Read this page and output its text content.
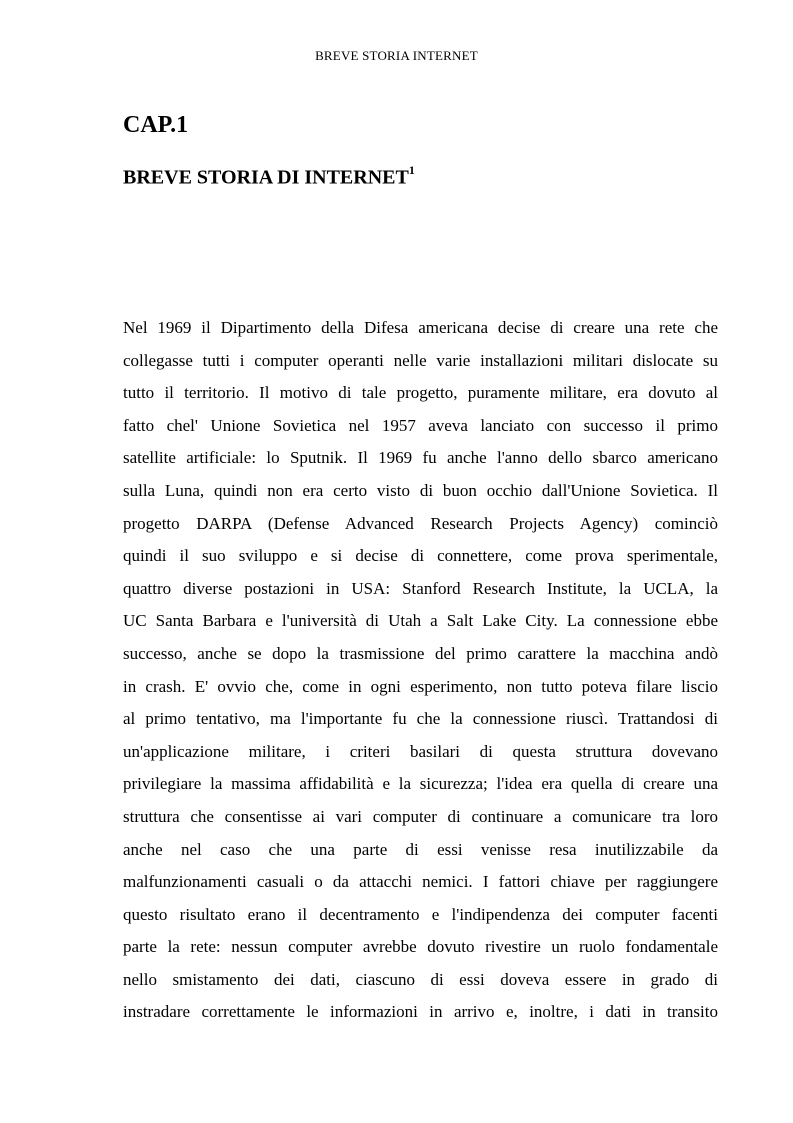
BREVE STORIA INTERNET
CAP.1
BREVE STORIA DI INTERNET$^1$

Nel 1969 il Dipartimento della Difesa americana decise di creare una rete che
collegasse tutti i computer operanti nelle varie installazioni militari dislocate su
tutto il territorio. Il motivo di tale progetto, puramente militare, era dovuto al
fatto chel' Unione Sovietica nel 1957 aveva lanciato con successo il primo
satellite artificiale: lo Sputnik. Il 1969 fu anche l'anno dello sbarco americano
sulla Luna, quindi non era certo visto di buon occhio dall'Unione Sovietica. Il
progetto DARPA (Defense Advanced Research Projects Agency) cominciò
quindi il suo sviluppo e si decise di connettere, come prova sperimentale,
quattro diverse postazioni in USA: Stanford Research Institute, la UCLA, la
UC Santa Barbara e l'università di Utah a Salt Lake City. La connessione ebbe
successo, anche se dopo la trasmissione del primo carattere la macchina andò
in crash. E' ovvio che, come in ogni esperimento, non tutto poteva filare liscio
al primo tentativo, ma l'importante fu che la connessione riuscì. Trattandosi di
un'applicazione militare, i criteri basilari di questa struttura dovevano
privilegiare la massima affidabilità e la sicurezza; l'idea era quella di creare una
struttura che consentisse ai vari computer di continuare a comunicare tra loro
anche nel caso che una parte di essi venisse resa inutilizzabile da
malfunzionamenti casuali o da attacchi nemici. I fattori chiave per raggiungere
questo risultato erano il decentramento e l'indipendenza dei computer facenti
parte la rete: nessun computer avrebbe dovuto rivestire un ruolo fondamentale
nello smistamento dei dati, ciascuno di essi doveva essere in grado di
instradare correttamente le informazioni in arrivo e, inoltre, i dati in transito
